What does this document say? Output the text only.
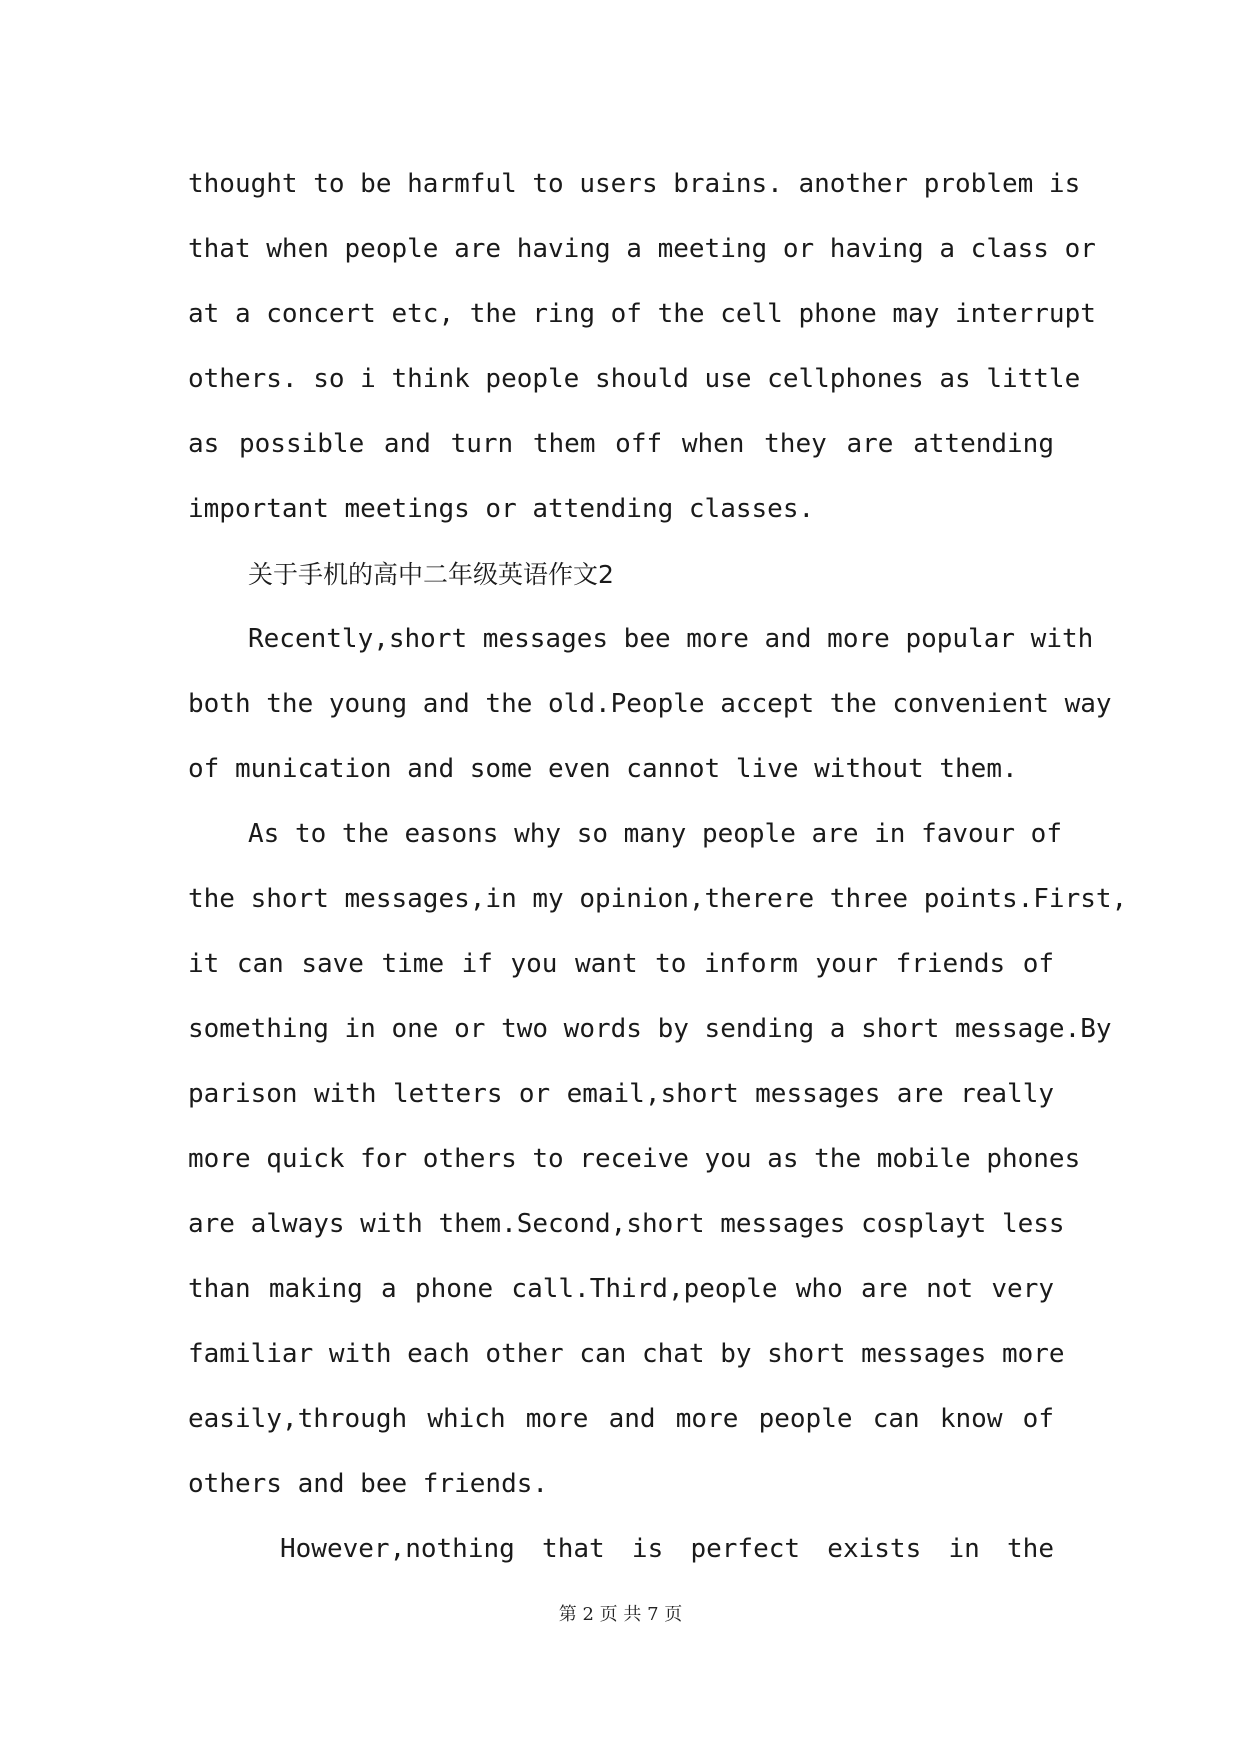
thought to be harmful to users brains. another problem is
that when people are having a meeting or having a class or
at a concert etc, the ring of the cell phone may interrupt
others. so i think people should use cellphones as little
as possible and turn them off when they are attending
important meetings or attending classes.
关于手机的高中二年级英语作文2
Recently,short messages bee more and more popular with
both the young and the old.People accept the convenient way
of munication and some even cannot live without them.
As to the easons why so many people are in favour of
the short messages,in my opinion,therere three points.First,
it can save time if you want to inform your friends of
something in one or two words by sending a short message.By
parison with letters or email,short messages are really
more quick for others to receive you as the mobile phones
are always with them.Second,short messages cosplayt less
than making a phone call.Third,people who are not very
familiar with each other can chat by short messages more
easily,through which more and more people can know of
others and bee friends.
However,nothing that is perfect exists in the
第 2 页 共 7 页
